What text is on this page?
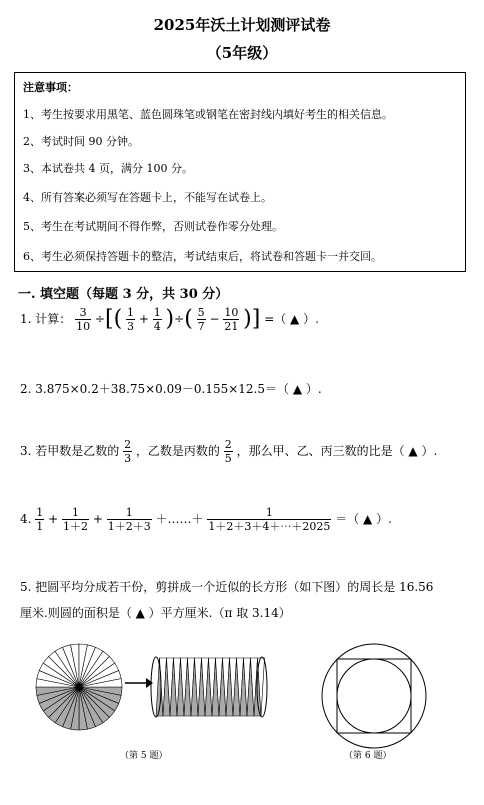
2025年沃土计划测评试卷
（5年级）
注意事项：
1、考生按要求用黑笔、蓝色圆珠笔或钢笔在密封线内填好考生的相关信息。
2、考试时间 90 分钟。
3、本试卷共 4 页，满分 100 分。
4、所有答案必须写在答题卡上，不能写在试卷上。
5、考生在考试期间不得作弊，否则试卷作零分处理。
6、考生必须保持答题卡的整洁，考试结束后，将试卷和答题卡一并交回。
一. 填空题（每题 3 分，共 30 分）
1. 计算： $\frac{3}{10}$ ÷[( $\frac{1}{3} + \frac{1}{4}$ )÷( $\frac{5}{7} - \frac{10}{21}$ )] =（ ▲ ）.
2. 3.875×0.2＋38.75×0.09－0.155×12.5＝（ ▲ ）.
3. 若甲数是乙数的 $\frac{2}{3}$ ，乙数是丙数的 $\frac{2}{5}$ ，那么甲、乙、丙三数的比是（ ▲ ）.
4. $\frac{1}{1} + \frac{1}{1+2} + \frac{1}{1+2+3}$ ＋……＋ $\frac{1}{1+2+3+4+\cdots+2025}$ ＝（ ▲ ）.
5. 把圆平均分成若干份，剪拼成一个近似的长方形（如下图）的周长是 16.56
厘米.则圆的面积是（ ▲ ）平方厘米.（π 取 3.14）
（第 5 题）	（第 6 题）
